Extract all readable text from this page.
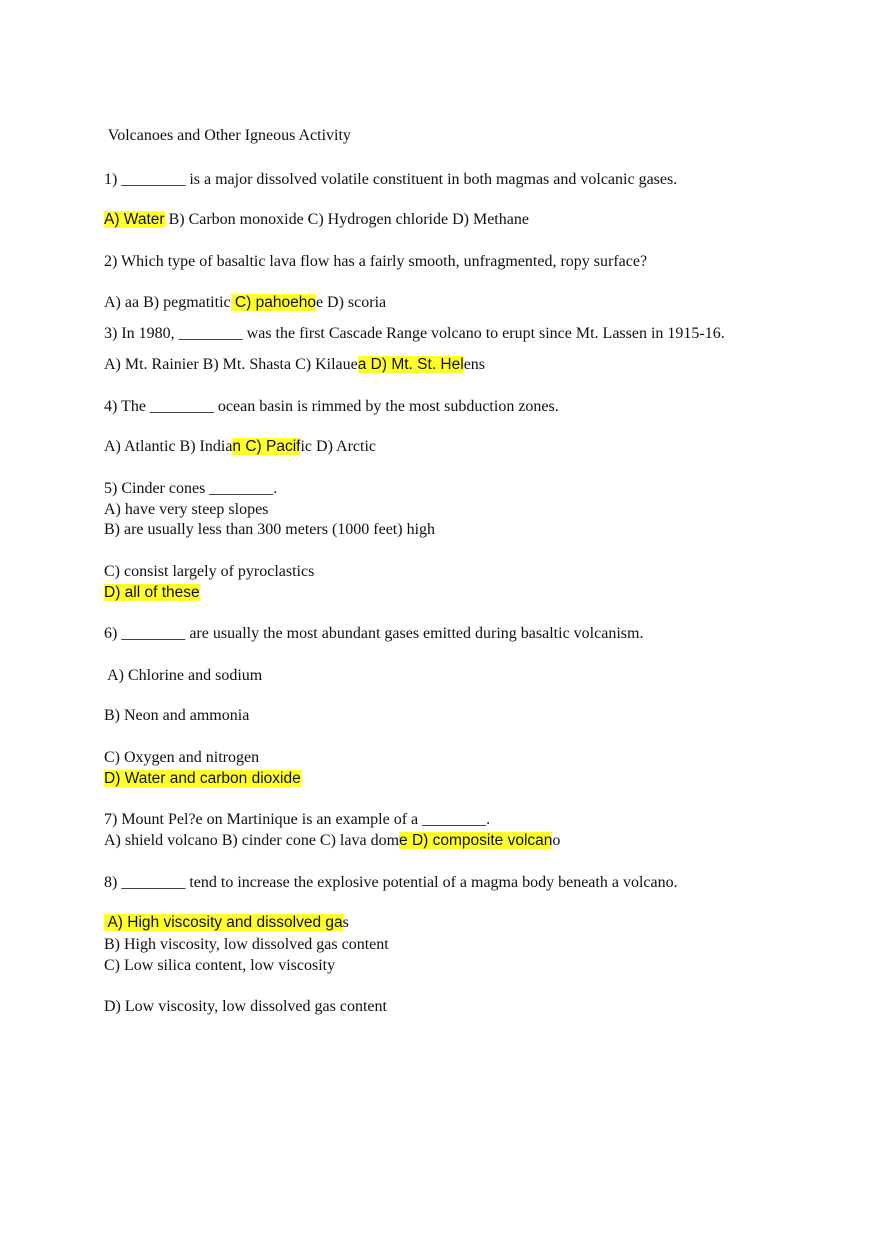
Volcanoes and Other Igneous Activity
1) ________ is a major dissolved volatile constituent in both magmas and volcanic gases.
A) Water B) Carbon monoxide C) Hydrogen chloride D) Methane
2) Which type of basaltic lava flow has a fairly smooth, unfragmented, ropy surface?
A) aa B) pegmatitic C) pahoehoe D) scoria
3) In 1980, ________ was the first Cascade Range volcano to erupt since Mt. Lassen in 1915-16.
A) Mt. Rainier B) Mt. Shasta C) Kilauea D) Mt. St. Helens
4) The ________ ocean basin is rimmed by the most subduction zones.
A) Atlantic B) Indian C) Pacific D) Arctic
5) Cinder cones ________.
A) have very steep slopes
B) are usually less than 300 meters (1000 feet) high
C) consist largely of pyroclastics
D) all of these
6) ________ are usually the most abundant gases emitted during basaltic volcanism.
A) Chlorine and sodium
B) Neon and ammonia
C) Oxygen and nitrogen
D) Water and carbon dioxide
7) Mount Pel?e on Martinique is an example of a ________.
A) shield volcano B) cinder cone C) lava dome D) composite volcano
8) ________ tend to increase the explosive potential of a magma body beneath a volcano.
A) High viscosity and dissolved gas
B) High viscosity, low dissolved gas content
C) Low silica content, low viscosity
D) Low viscosity, low dissolved gas content
